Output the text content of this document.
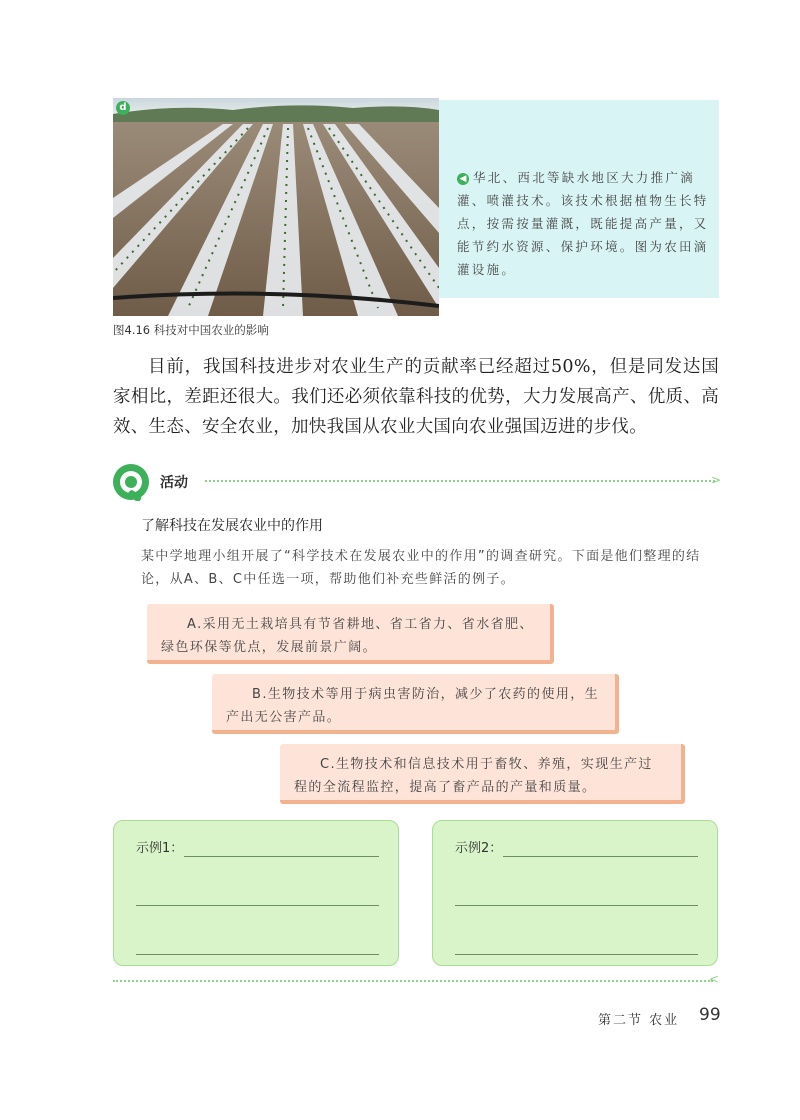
d
◀ 华北、西北等缺水地区大力推广滴灌、喷灌技术。该技术根据植物生长特点，按需按量灌溉，既能提高产量，又能节约水资源、保护环境。图为农田滴灌设施。
图4.16 科技对中国农业的影响
目前，我国科技进步对农业生产的贡献率已经超过50%，但是同发达国家相比，差距还很大。我们还必须依靠科技的优势，大力发展高产、优质、高效、生态、安全农业，加快我国从农业大国向农业强国迈进的步伐。
活动	>
了解科技在发展农业中的作用
某中学地理小组开展了“科学技术在发展农业中的作用”的调查研究。下面是他们整理的结论，从A、B、C中任选一项，帮助他们补充些鲜活的例子。
A.采用无土栽培具有节省耕地、省工省力、省水省肥、绿色环保等优点，发展前景广阔。
B.生物技术等用于病虫害防治，减少了农药的使用，生产出无公害产品。
C.生物技术和信息技术用于畜牧、养殖，实现生产过程的全流程监控，提高了畜产品的产量和质量。
示例1：	示例2：
<
第二节 农业 99
